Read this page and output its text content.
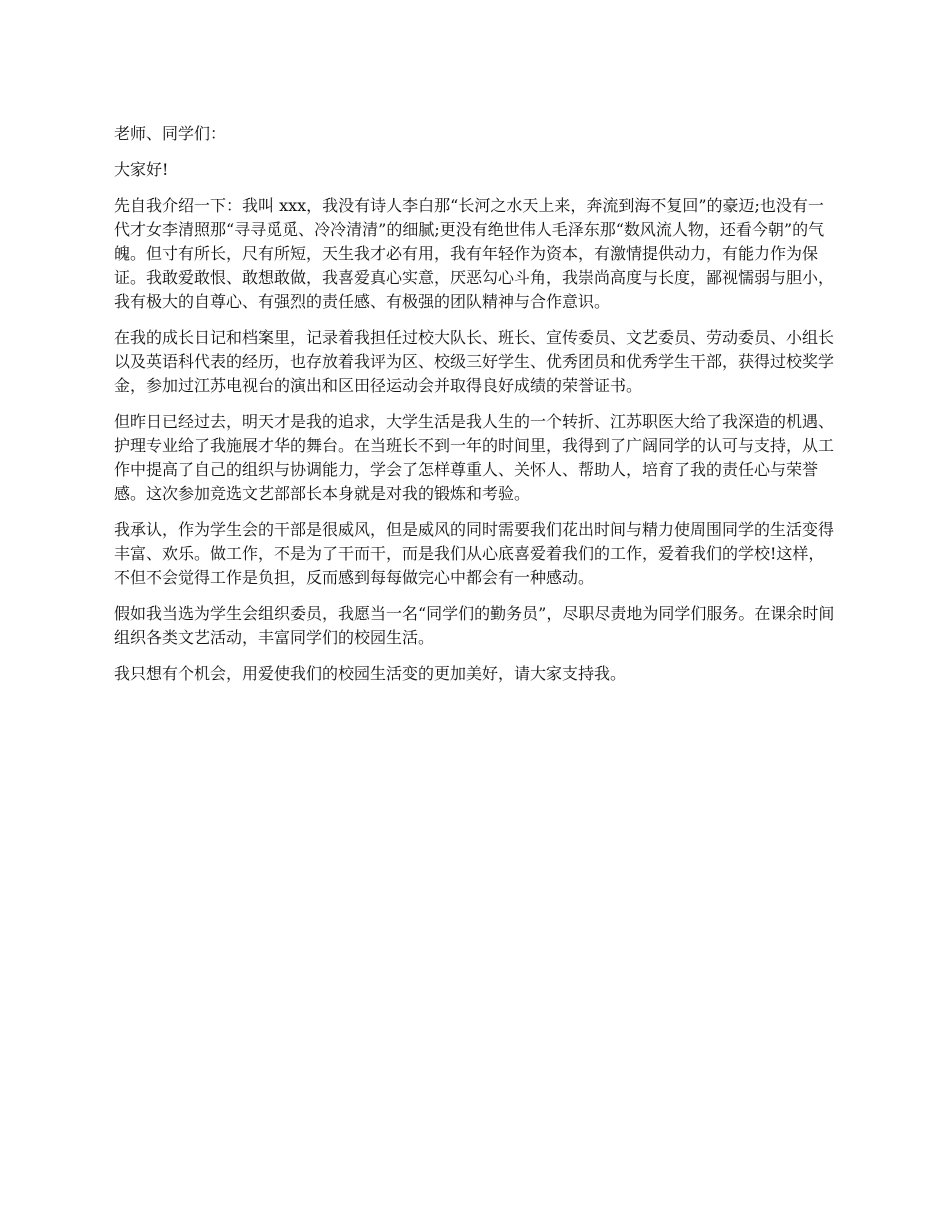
老师、同学们：

大家好!

先自我介绍一下：我叫 xxx，我没有诗人李白那“长河之水天上来，奔流到海不复回”的豪迈;也没有一代才女李清照那“寻寻觅觅、冷冷清清”的细腻;更没有绝世伟人毛泽东那“数风流人物，还看今朝”的气魄。但寸有所长，尺有所短，天生我才必有用，我有年轻作为资本，有激情提供动力，有能力作为保证。我敢爱敢恨、敢想敢做，我喜爱真心实意，厌恶勾心斗角，我崇尚高度与长度，鄙视懦弱与胆小，我有极大的自尊心、有强烈的责任感、有极强的团队精神与合作意识。

在我的成长日记和档案里，记录着我担任过校大队长、班长、宣传委员、文艺委员、劳动委员、小组长以及英语科代表的经历，也存放着我评为区、校级三好学生、优秀团员和优秀学生干部，获得过校奖学金，参加过江苏电视台的演出和区田径运动会并取得良好成绩的荣誉证书。

但昨日已经过去，明天才是我的追求，大学生活是我人生的一个转折、江苏职医大给了我深造的机遇、护理专业给了我施展才华的舞台。在当班长不到一年的时间里，我得到了广阔同学的认可与支持，从工作中提高了自己的组织与协调能力，学会了怎样尊重人、关怀人、帮助人，培育了我的责任心与荣誉感。这次参加竞选文艺部部长本身就是对我的锻炼和考验。

我承认，作为学生会的干部是很威风，但是威风的同时需要我们花出时间与精力使周围同学的生活变得丰富、欢乐。做工作，不是为了干而干，而是我们从心底喜爱着我们的工作，爱着我们的学校!这样，不但不会觉得工作是负担，反而感到每每做完心中都会有一种感动。

假如我当选为学生会组织委员，我愿当一名“同学们的勤务员”，尽职尽责地为同学们服务。在课余时间组织各类文艺活动，丰富同学们的校园生活。

我只想有个机会，用爱使我们的校园生活变的更加美好，请大家支持我。
